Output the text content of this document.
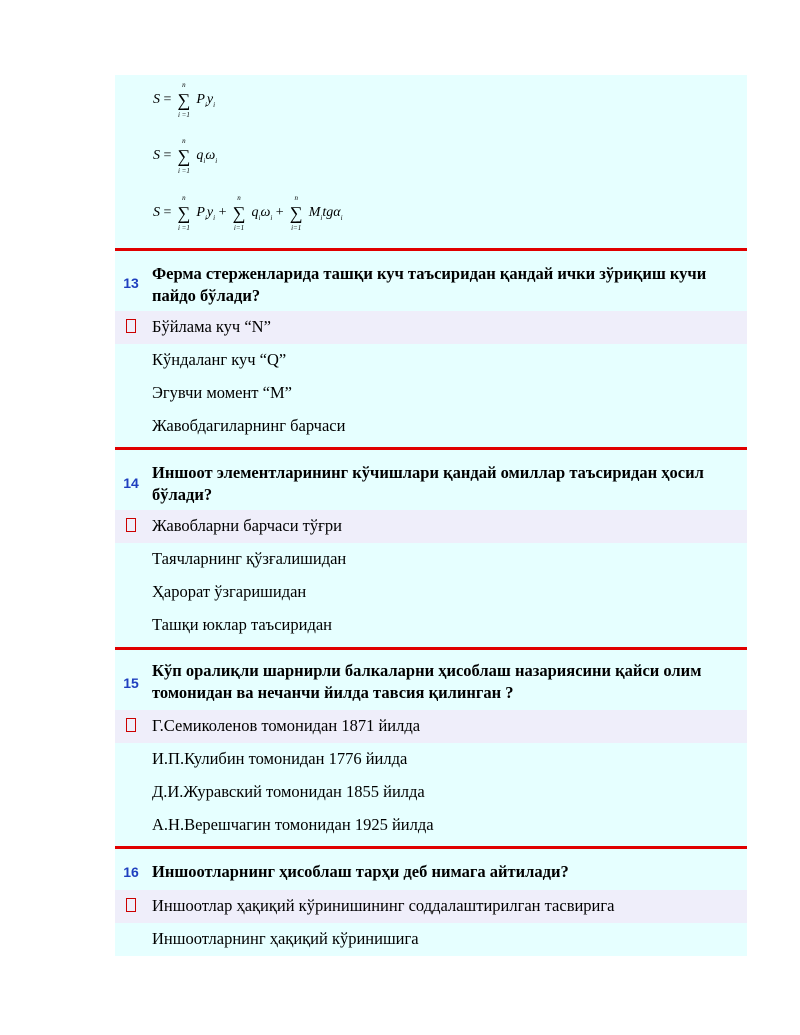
S =
n
∑
i =1
$P_iy_i$
S =
n
∑
i =1
$q_i\omega_i$
S =
n
∑
i =1
$P_iy_i$ +
n
∑
i=1
$q_i\omega_i$ +
n
∑
i=1
$M_itg\alpha_i$
13 Ферма стерженларида ташқи куч таъсиридан қандай ички зўриқиш кучи пайдо бўлади?
Бўйлама куч “N”
Кўндаланг куч “Q”
Эгувчи момент “M”
Жавобдагиларнинг барчаси
14
Иншоот элементларининг кўчишлари қандай омиллар таъсиридан ҳосил бўлади?
Жавобларни барчаси тўғри
Таячларнинг қўзғалишидан
Ҳарорат ўзгаришидан
Ташқи юклар таъсиридан
15
Кўп оралиқли шарнирли балкаларни ҳисоблаш назариясини қайси олим томонидан ва нечанчи йилда тавсия қилинган ?
Г.Семиколенов томонидан 1871 йилда
И.П.Кулибин томонидан 1776 йилда
Д.И.Журавский томонидан 1855 йилда
А.Н.Верешчагин томонидан 1925 йилда
16 Иншоотларнинг ҳисоблаш тарҳи деб нимага айтилади?
Иншоотлар ҳақиқий кўринишининг соддалаштирилган тасвирига
Иншоотларнинг ҳақиқий кўринишига
